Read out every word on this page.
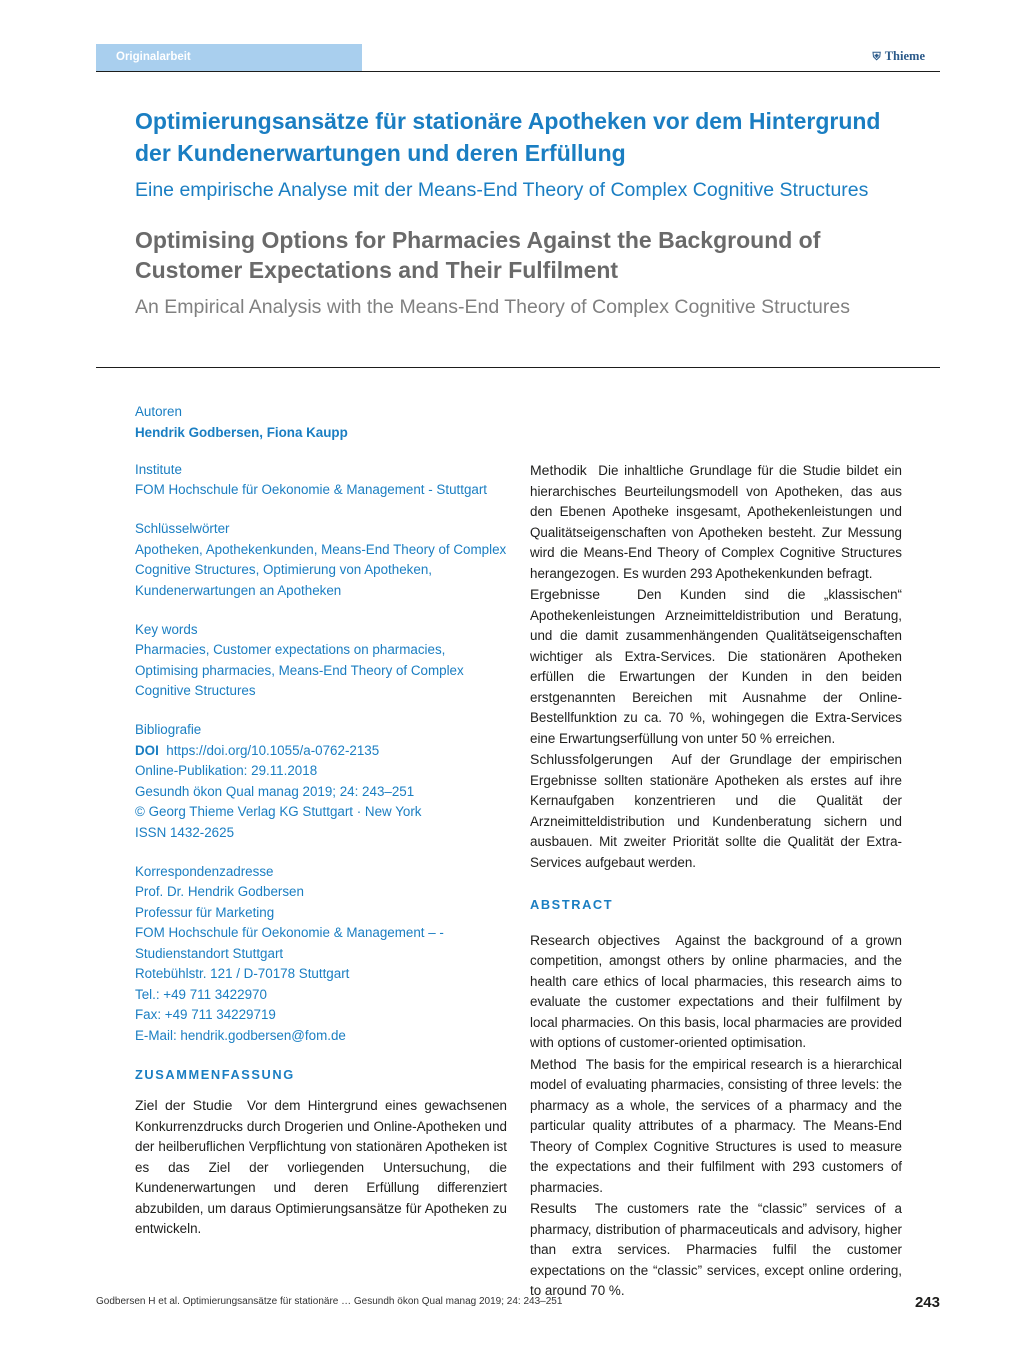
Originalarbeit	⛨ Thieme
Optimierungsansätze für stationäre Apotheken vor dem Hintergrund der Kundenerwartungen und deren Erfüllung
Eine empirische Analyse mit der Means-End Theory of Complex Cognitive Structures
Optimising Options for Pharmacies Against the Background of Customer Expectations and Their Fulfilment
An Empirical Analysis with the Means-End Theory of Complex Cognitive Structures
Autoren
Hendrik Godbersen, Fiona Kaupp
Institute
FOM Hochschule für Oekonomie & Management - Stuttgart
Schlüsselwörter
Apotheken, Apothekenkunden, Means-End Theory of Complex Cognitive Structures, Optimierung von Apotheken, Kundenerwartungen an Apotheken
Key words
Pharmacies, Customer expectations on pharmacies, Optimising pharmacies, Means-End Theory of Complex Cognitive Structures
Bibliografie
DOI https://doi.org/10.1055/a-0762-2135
Online-Publikation: 29.11.2018
Gesundh ökon Qual manag 2019; 24: 243–251
© Georg Thieme Verlag KG Stuttgart · New York
ISSN 1432-2625
Korrespondenzadresse
Prof. Dr. Hendrik Godbersen
Professur für Marketing
FOM Hochschule für Oekonomie & Management – -
Studienstandort Stuttgart
Rotebühlstr. 121 / D-70178 Stuttgart
Tel.: +49 711 3422970
Fax: +49 711 34229719
E-Mail: hendrik.godbersen@fom.de
ZUSAMMENFASSUNG

Ziel der Studie Vor dem Hintergrund eines gewachsenen Konkurrenzdrucks durch Drogerien und Online-Apotheken und der heilberuflichen Verpflichtung von stationären Apotheken ist es das Ziel der vorliegenden Untersuchung, die Kundenerwartungen und deren Erfüllung differenziert abzubilden, um daraus Optimierungsansätze für Apotheken zu entwickeln.

Methodik Die inhaltliche Grundlage für die Studie bildet ein hierarchisches Beurteilungsmodell von Apotheken, das aus den Ebenen Apotheke insgesamt, Apothekenleistungen und Qualitätseigenschaften von Apotheken besteht. Zur Messung wird die Means-End Theory of Complex Cognitive Structures herangezogen. Es wurden 293 Apothekenkunden befragt.

Ergebnisse	Den Kunden sind die „klassischen“ Apothekenleistungen Arzneimitteldistribution und Beratung, und die damit zusammenhängenden Qualitätseigenschaften wichtiger als Extra-Services. Die stationären Apotheken erfüllen die Erwartungen der Kunden in den beiden erstgenannten Bereichen mit Ausnahme der Online-Bestellfunktion zu ca. 70 %, wohingegen die Extra-Services eine Erwartungserfüllung von unter 50 % erreichen.

Schlussfolgerungen Auf der Grundlage der empirischen Ergebnisse sollten stationäre Apotheken als erstes auf ihre Kernaufgaben konzentrieren und die Qualität der Arzneimitteldistribution und Kundenberatung sichern und ausbauen. Mit zweiter Priorität sollte die Qualität der Extra-Services aufgebaut werden.

ABSTRACT

Research objectives Against the background of a grown competition, amongst others by online pharmacies, and the health care ethics of local pharmacies, this research aims to evaluate the customer expectations and their fulfilment by local pharmacies. On this basis, local pharmacies are provided with options of customer-oriented optimisation.

Method The basis for the empirical research is a hierarchical model of evaluating pharmacies, consisting of three levels: the pharmacy as a whole, the services of a pharmacy and the particular quality attributes of a pharmacy. The Means-End Theory of Complex Cognitive Structures is used to measure the expectations and their fulfilment with 293 customers of pharmacies.

Results The customers rate the “classic” services of a pharmacy, distribution of pharmaceuticals and advisory, higher than extra services. Pharmacies fulfil the customer expectations on the “classic” services, except online ordering, to around 70 %.

Godbersen H et al. Optimierungsansätze für stationäre … Gesundh ökon Qual manag 2019; 24: 243–251	243
